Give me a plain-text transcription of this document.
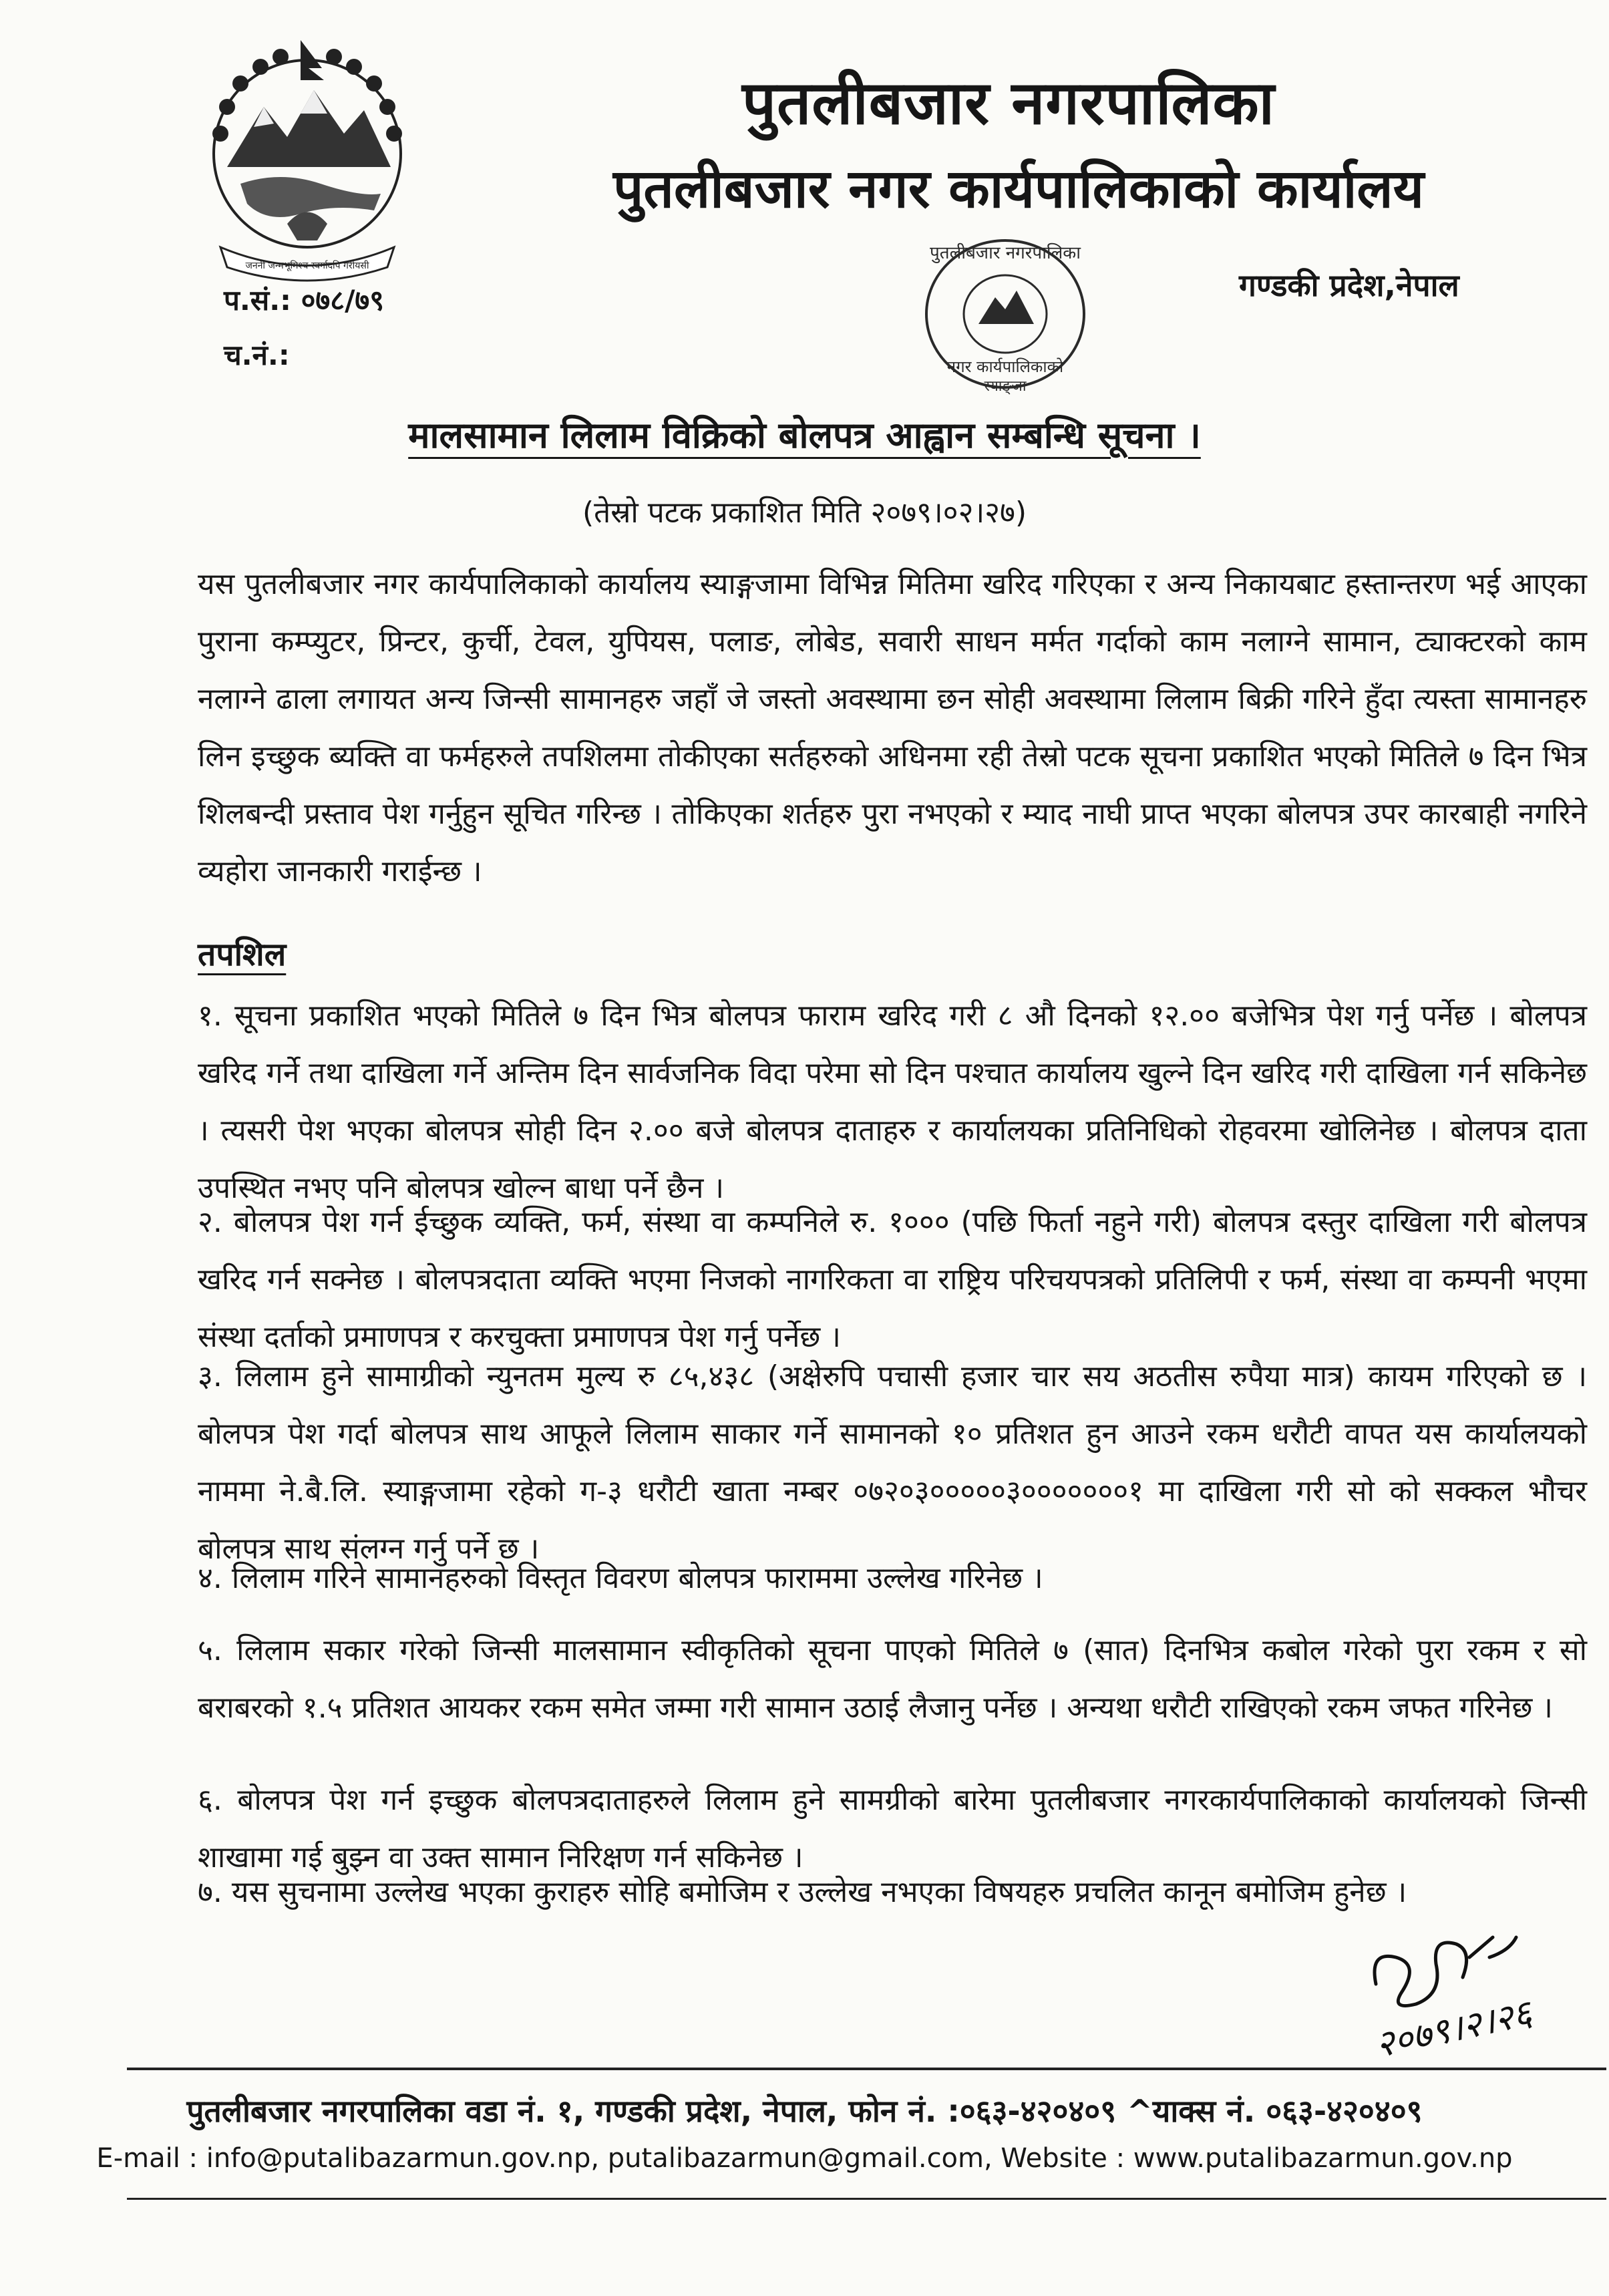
जननी जन्मभूमिश्च स्वर्गादपि गरीयसी
पुतलीबजार नगरपालिका
पुतलीबजार नगर कार्यपालिकाको कार्यालय
पुतलीबजार नगरपालिका
नगर कार्यपालिकाको
स्याङ्जा
गण्डकी प्रदेश,नेपाल
प.सं.: ०७८/७९
च.नं.:
मालसामान लिलाम विक्रिको बोलपत्र आह्वान सम्बन्धि सूचना ।
(तेस्रो पटक प्रकाशित मिति २०७९।०२।२७)
यस पुतलीबजार नगर कार्यपालिकाको कार्यालय स्याङ्गजामा विभिन्न मितिमा खरिद गरिएका र अन्य निकायबाट हस्तान्तरण भई आएका पुराना कम्प्युटर, प्रिन्टर, कुर्ची, टेवल, युपियस, पलाङ, लोबेड, सवारी साधन मर्मत गर्दाको काम नलाग्ने सामान, ट्याक्टरको काम नलाग्ने ढाला लगायत अन्य जिन्सी सामानहरु जहाँ जे जस्तो अवस्थामा छन सोही अवस्थामा लिलाम बिक्री गरिने हुँदा त्यस्ता सामानहरु लिन इच्छुक ब्यक्ति वा फर्महरुले तपशिलमा तोकीएका सर्तहरुको अधिनमा रही तेस्रो पटक सूचना प्रकाशित भएको मितिले ७ दिन भित्र शिलबन्दी प्रस्ताव पेश गर्नुहुन सूचित गरिन्छ । तोकिएका शर्तहरु पुरा नभएको र म्याद नाघी प्राप्त भएका बोलपत्र उपर कारबाही नगरिने व्यहोरा जानकारी गराईन्छ ।
तपशिल
१. सूचना प्रकाशित भएको मितिले ७ दिन भित्र बोलपत्र फाराम खरिद गरी ८ औ दिनको १२.०० बजेभित्र पेश गर्नु पर्नेछ । बोलपत्र खरिद गर्ने तथा दाखिला गर्ने अन्तिम दिन सार्वजनिक विदा परेमा सो दिन पश्चात कार्यालय खुल्ने दिन खरिद गरी दाखिला गर्न सकिनेछ । त्यसरी पेश भएका बोलपत्र सोही दिन २.०० बजे बोलपत्र दाताहरु र कार्यालयका प्रतिनिधिको रोहवरमा खोलिनेछ । बोलपत्र दाता उपस्थित नभए पनि बोलपत्र खोल्न बाधा पर्ने छैन ।
२. बोलपत्र पेश गर्न ईच्छुक व्यक्ति, फर्म, संस्था वा कम्पनिले रु. १००० (पछि फिर्ता नहुने गरी) बोलपत्र दस्तुर दाखिला गरी बोलपत्र खरिद गर्न सक्नेछ । बोलपत्रदाता व्यक्ति भएमा निजको नागरिकता वा राष्ट्रिय परिचयपत्रको प्रतिलिपी र फर्म, संस्था वा कम्पनी भएमा संस्था दर्ताको प्रमाणपत्र र करचुक्ता प्रमाणपत्र पेश गर्नु पर्नेछ ।
३. लिलाम हुने सामाग्रीको न्युनतम मुल्य रु ८५,४३८ (अक्षेरुपि पचासी हजार चार सय अठतीस रुपैया मात्र) कायम गरिएको छ । बोलपत्र पेश गर्दा बोलपत्र साथ आफूले लिलाम साकार गर्ने सामानको १० प्रतिशत हुन आउने रकम धरौटी वापत यस कार्यालयको नाममा ने.बै.लि. स्याङ्गजामा रहेको ग-३ धरौटी खाता नम्बर ०७२०३०००००३०००००००१ मा दाखिला गरी सो को सक्कल भौचर बोलपत्र साथ संलग्न गर्नु पर्ने छ ।
४. लिलाम गरिने सामानहरुको विस्तृत विवरण बोलपत्र फाराममा उल्लेख गरिनेछ ।
५. लिलाम सकार गरेको जिन्सी मालसामान स्वीकृतिको सूचना पाएको मितिले ७ (सात) दिनभित्र कबोल गरेको पुरा रकम र सो बराबरको १.५ प्रतिशत आयकर रकम समेत जम्मा गरी सामान उठाई लैजानु पर्नेछ । अन्यथा धरौटी राखिएको रकम जफत गरिनेछ ।
६. बोलपत्र पेश गर्न इच्छुक बोलपत्रदाताहरुले लिलाम हुने सामग्रीको बारेमा पुतलीबजार नगरकार्यपालिकाको कार्यालयको जिन्सी शाखामा गई बुझ्न वा उक्त सामान निरिक्षण गर्न सकिनेछ ।
७. यस सुचनामा उल्लेख भएका कुराहरु सोहि बमोजिम र उल्लेख नभएका विषयहरु प्रचलित कानून बमोजिम हुनेछ ।
२०७९।२।२६
पुतलीबजार नगरपालिका वडा नं. १, गण्डकी प्रदेश, नेपाल, फोन नं. :०६३-४२०४०९ ^याक्स नं. ०६३-४२०४०९
E-mail : info@putalibazarmun.gov.np, putalibazarmun@gmail.com, Website : www.putalibazarmun.gov.np
